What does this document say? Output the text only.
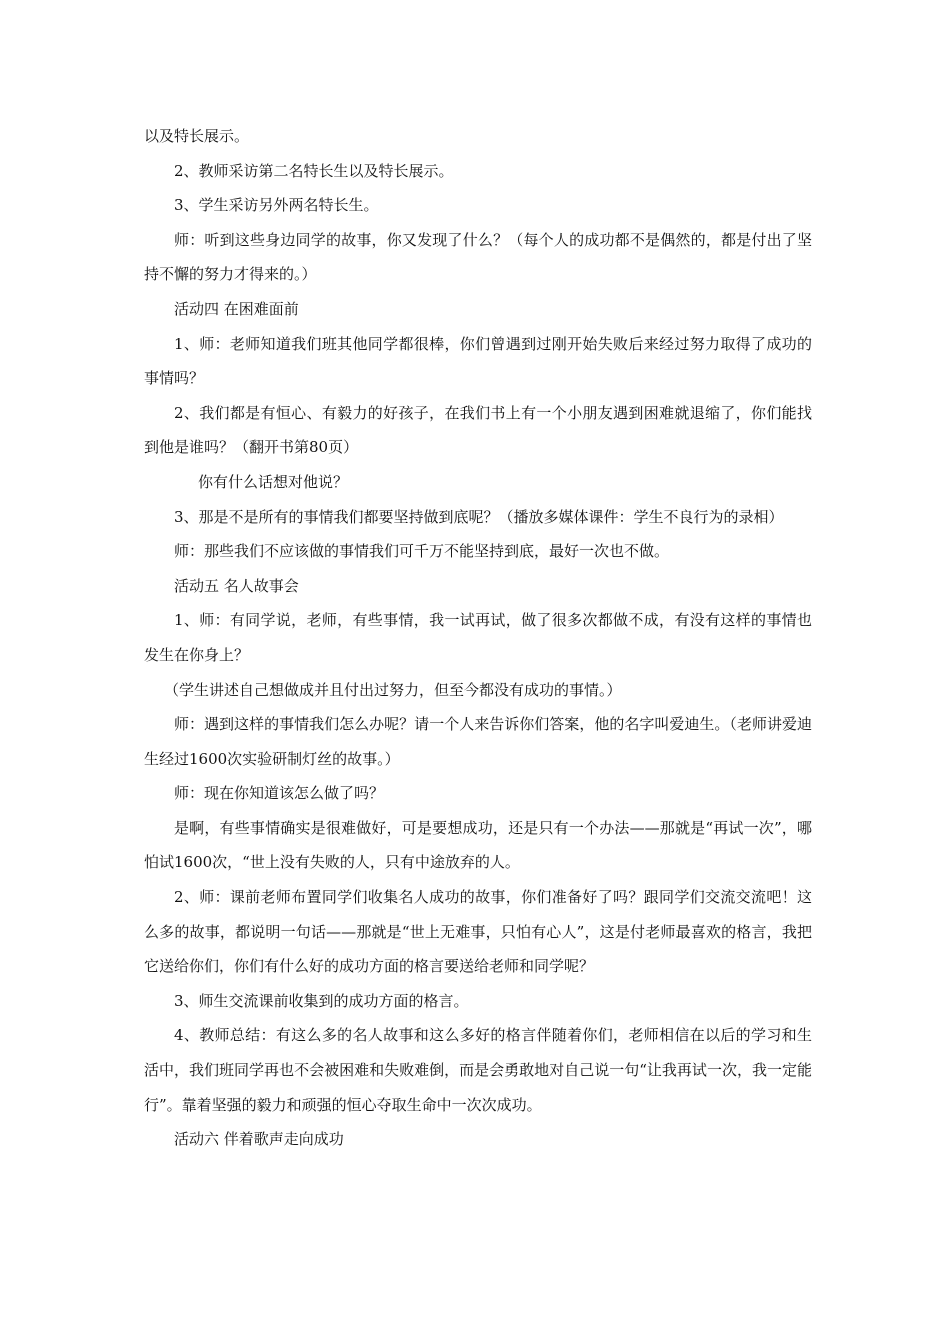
以及特长展示。

2、教师采访第二名特长生以及特长展示。

3、学生采访另外两名特长生。

师：听到这些身边同学的故事，你又发现了什么？（每个人的成功都不是偶然的，都是付出了坚持不懈的努力才得来的。）

活动四 在困难面前

1、师：老师知道我们班其他同学都很棒，你们曾遇到过刚开始失败后来经过努力取得了成功的事情吗？

2、我们都是有恒心、有毅力的好孩子，在我们书上有一个小朋友遇到困难就退缩了，你们能找到他是谁吗？（翻开书第80页）

你有什么话想对他说？

3、那是不是所有的事情我们都要坚持做到底呢？（播放多媒体课件：学生不良行为的录相）

师：那些我们不应该做的事情我们可千万不能坚持到底，最好一次也不做。

活动五 名人故事会

1、师：有同学说，老师，有些事情，我一试再试，做了很多次都做不成，有没有这样的事情也发生在你身上？

（学生讲述自己想做成并且付出过努力，但至今都没有成功的事情。）

师：遇到这样的事情我们怎么办呢？请一个人来告诉你们答案，他的名字叫爱迪生。（老师讲爱迪生经过1600次实验研制灯丝的故事。）

师：现在你知道该怎么做了吗？

是啊，有些事情确实是很难做好，可是要想成功，还是只有一个办法——那就是“再试一次”，哪怕试1600次，“世上没有失败的人，只有中途放弃的人。

2、师：课前老师布置同学们收集名人成功的故事，你们准备好了吗？跟同学们交流交流吧！这么多的故事，都说明一句话——那就是“世上无难事，只怕有心人”，这是付老师最喜欢的格言，我把它送给你们，你们有什么好的成功方面的格言要送给老师和同学呢？

3、师生交流课前收集到的成功方面的格言。

4、教师总结：有这么多的名人故事和这么多好的格言伴随着你们，老师相信在以后的学习和生活中，我们班同学再也不会被困难和失败难倒，而是会勇敢地对自己说一句“让我再试一次，我一定能行”。靠着坚强的毅力和顽强的恒心夺取生命中一次次成功。

活动六 伴着歌声走向成功
